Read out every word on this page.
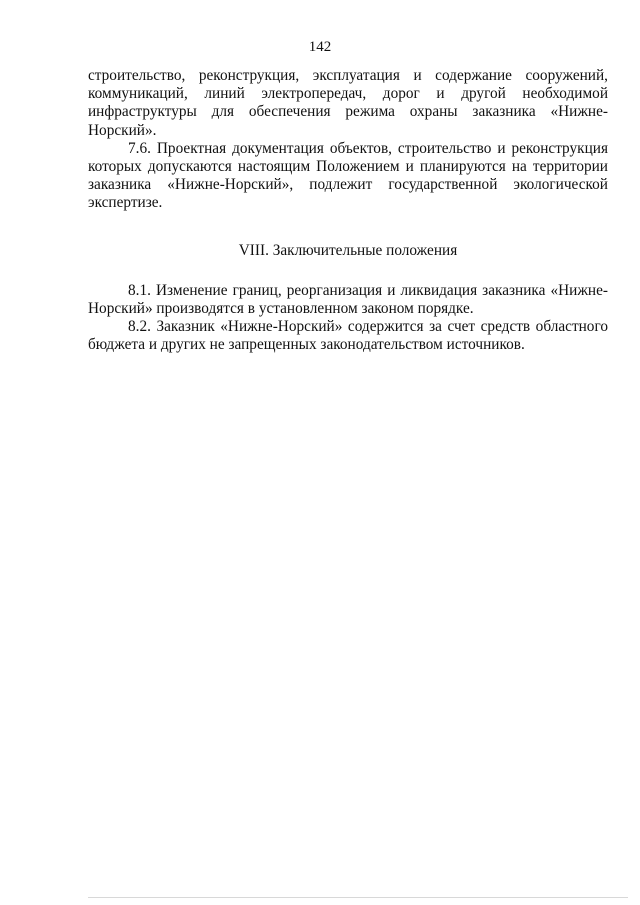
142

строительство, реконструкция, эксплуатация и содержание сооружений, коммуникаций, линий электропередач, дорог и другой необходимой инфраструктуры для обеспечения режима охраны заказника «Нижне-Норский».

7.6. Проектная документация объектов, строительство и реконструкция которых допускаются настоящим Положением и планируются на территории заказника «Нижне-Норский», подлежит государственной экологической экспертизе.

VIII. Заключительные положения

8.1. Изменение границ, реорганизация и ликвидация заказника «Нижне-Норский» производятся в установленном законом порядке.

8.2. Заказник «Нижне-Норский» содержится за счет средств областного бюджета и других не запрещенных законодательством источников.
